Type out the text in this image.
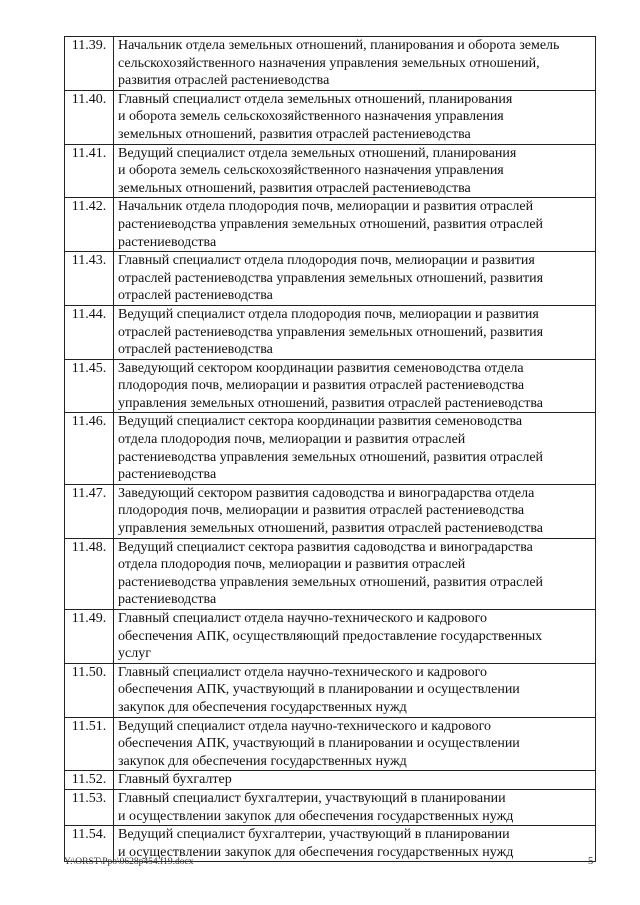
11.39.	Начальник отдела земельных отношений, планирования и оборота земель
сельскохозяйственного назначения управления земельных отношений,
развития отраслей растениеводства
11.40.	Главный специалист отдела земельных отношений, планирования
и оборота земель сельскохозяйственного назначения управления
земельных отношений, развития отраслей растениеводства
11.41.	Ведущий специалист отдела земельных отношений, планирования
и оборота земель сельскохозяйственного назначения управления
земельных отношений, развития отраслей растениеводства
11.42.	Начальник отдела плодородия почв, мелиорации и развития отраслей
растениеводства управления земельных отношений, развития отраслей
растениеводства
11.43.	Главный специалист отдела плодородия почв, мелиорации и развития
отраслей растениеводства управления земельных отношений, развития
отраслей растениеводства
11.44.	Ведущий специалист отдела плодородия почв, мелиорации и развития
отраслей растениеводства управления земельных отношений, развития
отраслей растениеводства
11.45.	Заведующий сектором координации развития семеноводства отдела
плодородия почв, мелиорации и развития отраслей растениеводства
управления земельных отношений, развития отраслей растениеводства
11.46.	Ведущий специалист сектора координации развития семеноводства
отдела плодородия почв, мелиорации и развития отраслей
растениеводства управления земельных отношений, развития отраслей
растениеводства
11.47.	Заведующий сектором развития садоводства и виноградарства отдела
плодородия почв, мелиорации и развития отраслей растениеводства
управления земельных отношений, развития отраслей растениеводства
11.48.	Ведущий специалист сектора развития садоводства и виноградарства
отдела плодородия почв, мелиорации и развития отраслей
растениеводства управления земельных отношений, развития отраслей
растениеводства
11.49.	Главный специалист отдела научно-технического и кадрового
обеспечения АПК, осуществляющий предоставление государственных
услуг
11.50.	Главный специалист отдела научно-технического и кадрового
обеспечения АПК, участвующий в планировании и осуществлении
закупок для обеспечения государственных нужд
11.51.	Ведущий специалист отдела научно-технического и кадрового
обеспечения АПК, участвующий в планировании и осуществлении
закупок для обеспечения государственных нужд
11.52.	Главный бухгалтер
11.53.	Главный специалист бухгалтерии, участвующий в планировании
и осуществлении закупок для обеспечения государственных нужд
11.54.	Ведущий специалист бухгалтерии, участвующий в планировании
и осуществлении закупок для обеспечения государственных нужд
Y:\ORST\Ppo\0628p454.f19.docx	5
